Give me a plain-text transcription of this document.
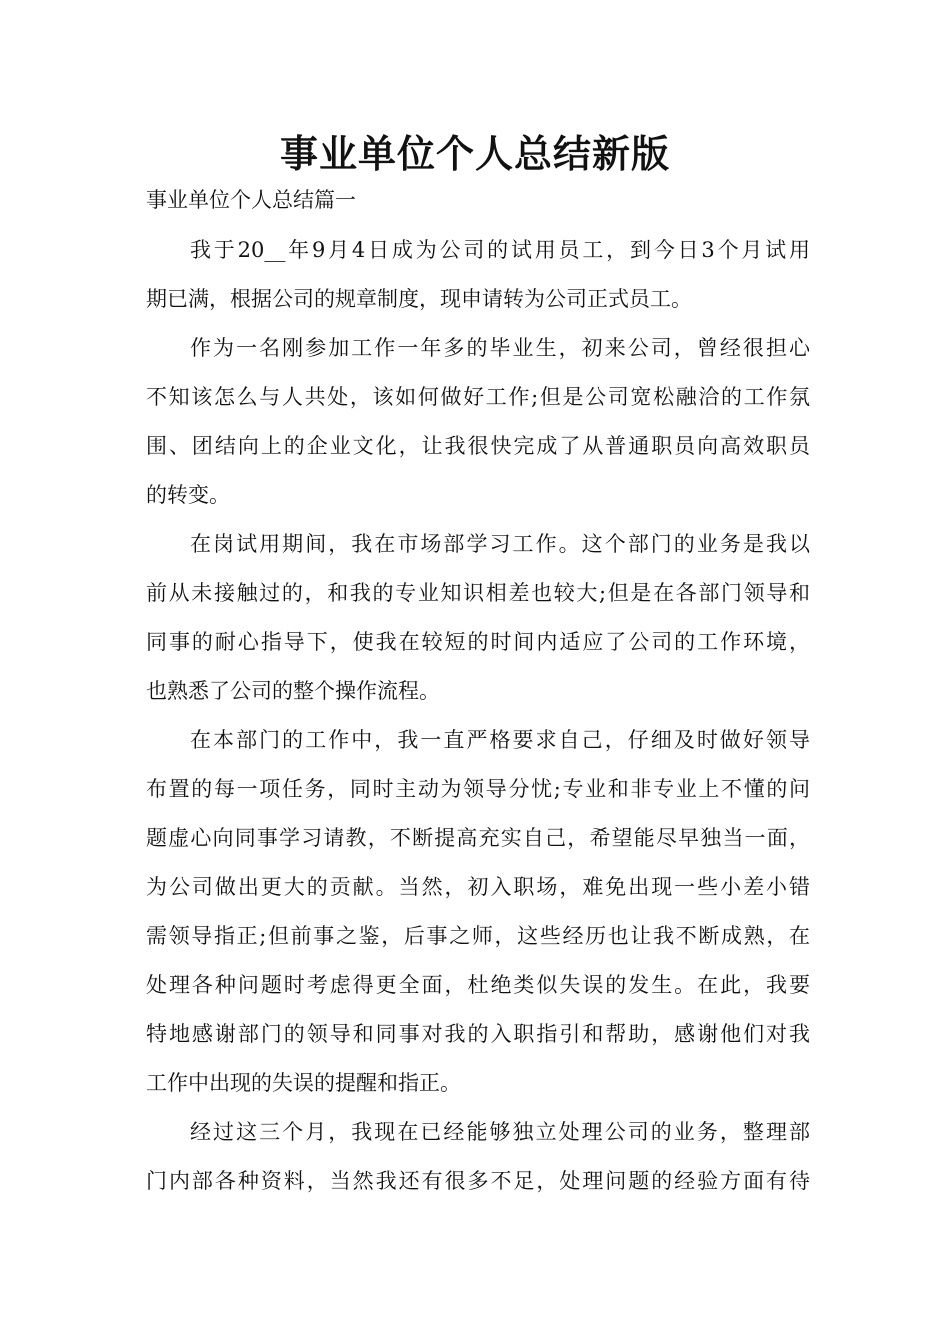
事业单位个人总结新版
事业单位个人总结篇一
我于20__年9月4日成为公司的试用员工，到今日3个月试用
期已满，根据公司的规章制度，现申请转为公司正式员工。
作为一名刚参加工作一年多的毕业生，初来公司，曾经很担心
不知该怎么与人共处，该如何做好工作;但是公司宽松融洽的工作氛
围、团结向上的企业文化，让我很快完成了从普通职员向高效职员
的转变。
在岗试用期间，我在市场部学习工作。这个部门的业务是我以
前从未接触过的，和我的专业知识相差也较大;但是在各部门领导和
同事的耐心指导下，使我在较短的时间内适应了公司的工作环境，
也熟悉了公司的整个操作流程。
在本部门的工作中，我一直严格要求自己，仔细及时做好领导
布置的每一项任务，同时主动为领导分忧;专业和非专业上不懂的问
题虚心向同事学习请教，不断提高充实自己，希望能尽早独当一面，
为公司做出更大的贡献。当然，初入职场，难免出现一些小差小错
需领导指正;但前事之鉴，后事之师，这些经历也让我不断成熟，在
处理各种问题时考虑得更全面，杜绝类似失误的发生。在此，我要
特地感谢部门的领导和同事对我的入职指引和帮助，感谢他们对我
工作中出现的失误的提醒和指正。
经过这三个月，我现在已经能够独立处理公司的业务，整理部
门内部各种资料，当然我还有很多不足，处理问题的经验方面有待
